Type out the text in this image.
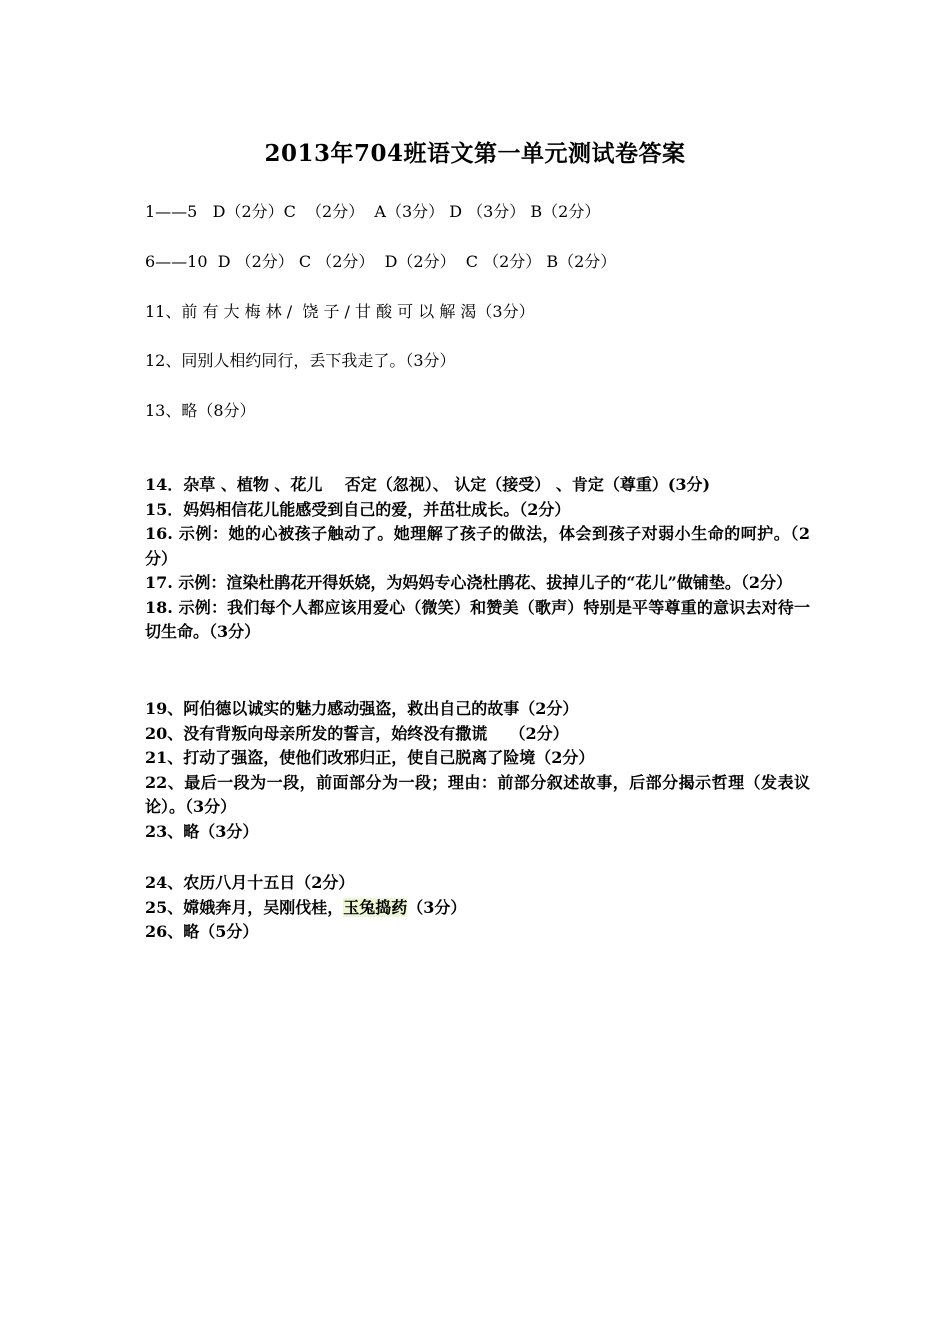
2013年704班语文第一单元测试卷答案
1——5   D（2分）C  （2分）  A（3分） D （3分） B（2分）
6——10  D （2分） C （2分）  D（2分）  C （2分） B（2分）
11、前 有 大 梅 林 /  饶 子 / 甘 酸 可 以 解 渴（3分）
12、同别人相约同行，丢下我走了。（3分）
13、略（8分）
14．杂草 、植物 、花儿    否定（忽视）、 认定（接受） 、肯定（尊重）(3分)
15．妈妈相信花儿能感受到自己的爱，并茁壮成长。（2分）
16. 示例：她的心被孩子触动了。她理解了孩子的做法，体会到孩子对弱小生命的呵护。（2分）
17. 示例：渲染杜鹃花开得妖娆，为妈妈专心浇杜鹃花、拔掉儿子的“花儿”做铺垫。（2分）
18. 示例：我们每个人都应该用爱心（微笑）和赞美（歌声）特别是平等尊重的意识去对待一切生命。（3分）
19、阿伯德以诚实的魅力感动强盗，救出自己的故事（2分）
20、没有背叛向母亲所发的誓言，始终没有撒谎    （2分）
21、打动了强盗，使他们改邪归正，使自己脱离了险境（2分）
22、最后一段为一段，前面部分为一段；理由：前部分叙述故事，后部分揭示哲理（发表议论）。（3分）
23、略（3分）
24、农历八月十五日（2分）
25、嫦娥奔月，吴刚伐桂，玉兔捣药（3分）
26、略（5分）
